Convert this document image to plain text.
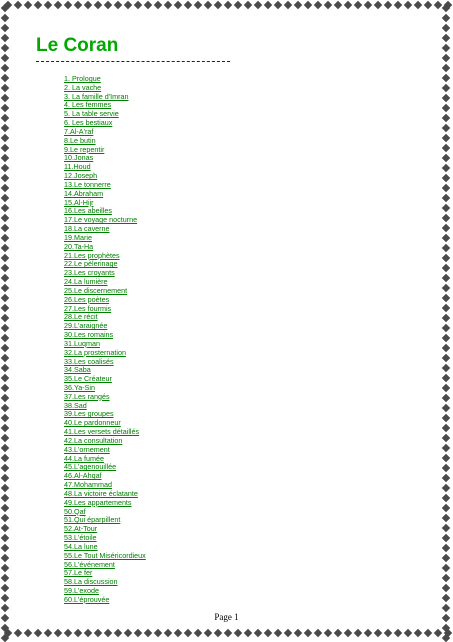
Le Coran
1. Prologue
2. La vache
3. La famille d'Imran
4. Les femmes
5. La table servie
6. Les bestiaux
7.Al-A'raf
8.Le butin
9.Le repentir
10.Jonas
11.Houd
12.Joseph
13.Le tonnerre
14.Abraham
15.Al-Hijr
16.Les abeilles
17.Le voyage nocturne
18.La caverne
19.Marie
20.Ta-Ha
21.Les prophètes
22.Le pèlerinage
23.Les croyants
24.La lumière
25.Le discernement
26.Les poètes
27.Les fourmis
28.Le récit
29.L'araignée
30.Les romains
31.Luqman
32.La prosternation
33.Les coalisés
34.Saba
35.Le Créateur
36.Ya-Sin
37.Les rangés
38.Sad
39.Les groupes
40.Le pardonneur
41.Les versets détaillés
42.La consultation
43.L'ornement
44.La fumée
45.L'agenouillée
46.Al-Ahqaf
47.Mohammad
48.La victoire éclatante
49.Les appartements
50.Qaf
51.Qui éparpillent
52.At-Tour
53.L'étoile
54.La lune
55.Le Tout Miséricordieux
56.L'événement
57.Le fer
58.La discussion
59.L'exode
60.L'éprouvée
Page 1
